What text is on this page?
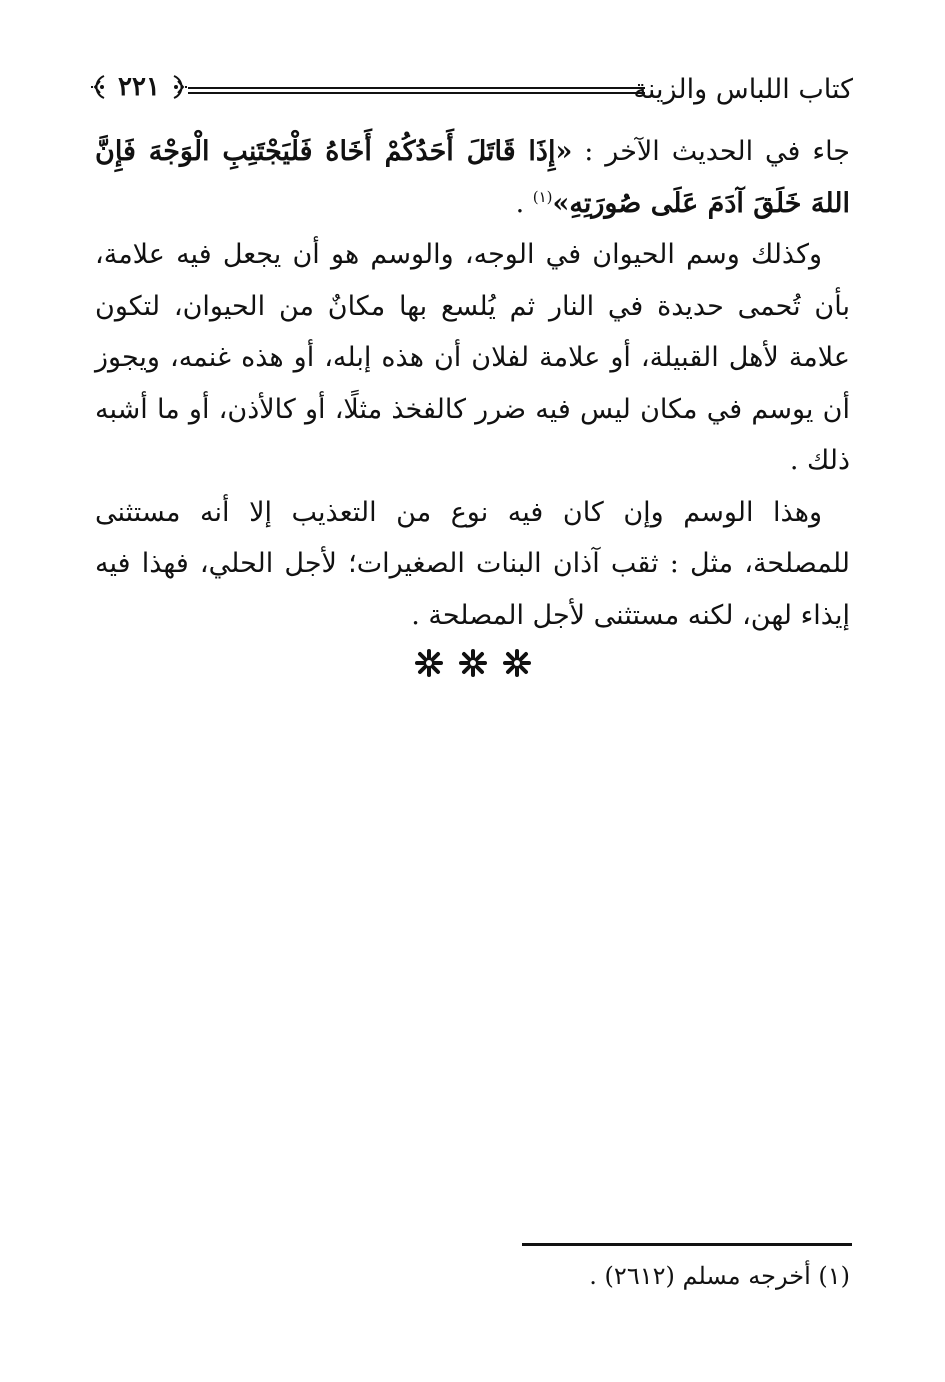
كتاب اللباس والزينة
٢٢١

جاء في الحديث الآخر : «إِذَا قَاتَلَ أَحَدُكُمْ أَخَاهُ فَلْيَجْتَنِبِ الْوَجْهَ فَإِنَّ اللهَ خَلَقَ آدَمَ عَلَى صُورَتِهِ»$^{(١)}$ .

وكذلك وسم الحيوان في الوجه، والوسم هو أن يجعل فيه علامة، بأن تُحمى حديدة في النار ثم يُلسع بها مكانٌ من الحيوان، لتكون علامة لأهل القبيلة، أو علامة لفلان أن هذه إبله، أو هذه غنمه، ويجوز أن يوسم في مكان ليس فيه ضرر كالفخذ مثلًا، أو كالأذن، أو ما أشبه ذلك .

وهذا الوسم وإن كان فيه نوع من التعذيب إلا أنه مستثنى للمصلحة، مثل : ثقب آذان البنات الصغيرات؛ لأجل الحلي، فهذا فيه إيذاء لهن، لكنه مستثنى لأجل المصلحة .

(١) أخرجه مسلم (٢٦١٢) .
